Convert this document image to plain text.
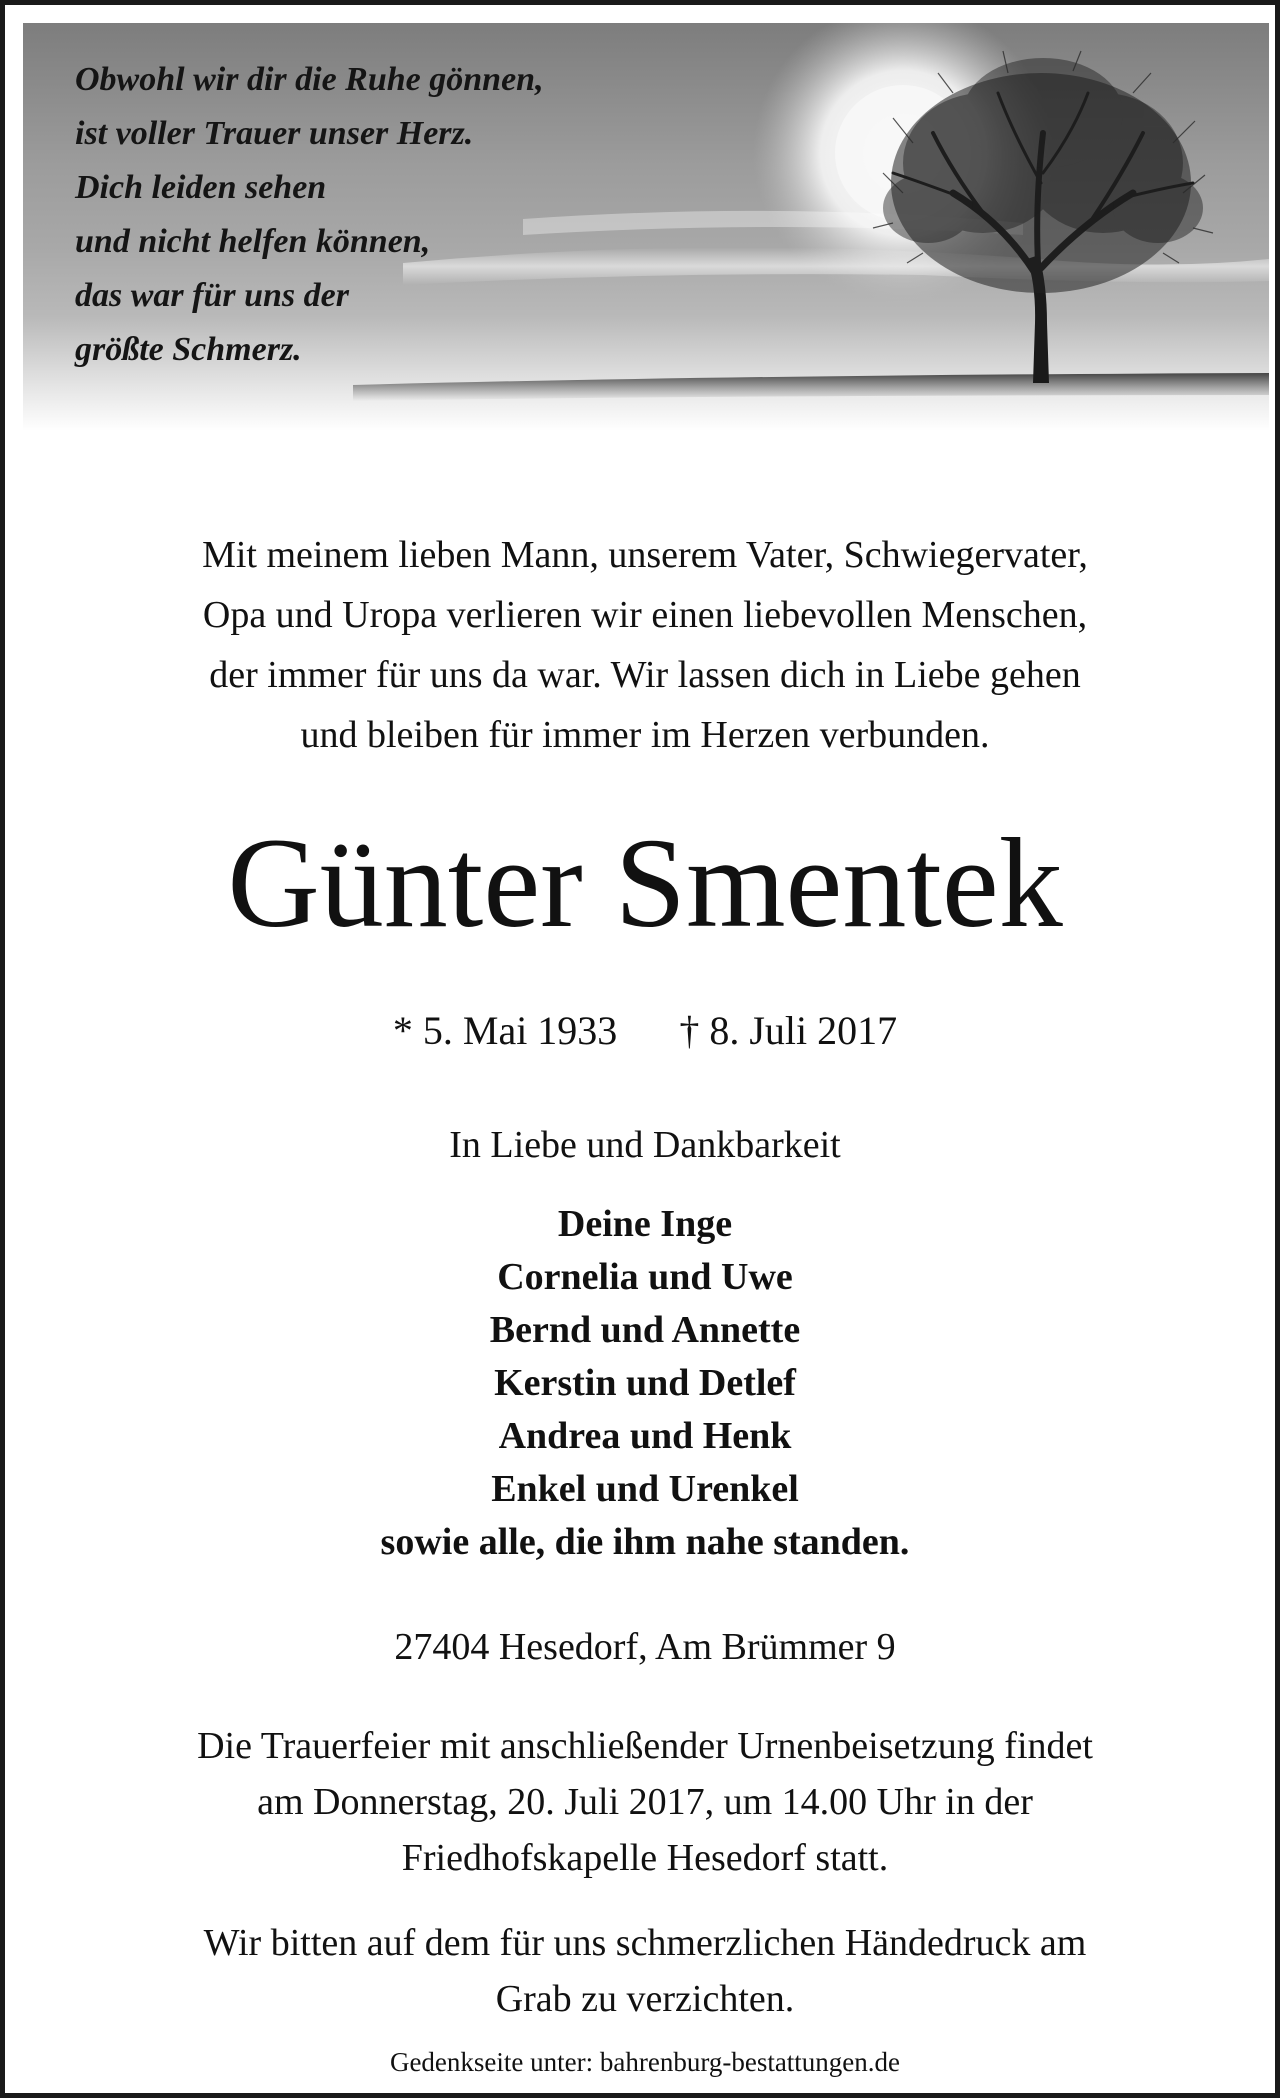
Obwohl wir dir die Ruhe gönnen,
ist voller Trauer unser Herz.
Dich leiden sehen
und nicht helfen können,
das war für uns der
größte Schmerz.
Mit meinem lieben Mann, unserem Vater, Schwiegervater,
Opa und Uropa verlieren wir einen liebevollen Menschen,
der immer für uns da war. Wir lassen dich in Liebe gehen
und bleiben für immer im Herzen verbunden.
Günter Smentek
* 5. Mai 1933 † 8. Juli 2017
In Liebe und Dankbarkeit
Deine Inge
Cornelia und Uwe
Bernd und Annette
Kerstin und Detlef
Andrea und Henk
Enkel und Urenkel
sowie alle, die ihm nahe standen.
27404 Hesedorf, Am Brümmer 9
Die Trauerfeier mit anschließender Urnenbeisetzung findet
am Donnerstag, 20. Juli 2017, um 14.00 Uhr in der
Friedhofskapelle Hesedorf statt.
Wir bitten auf dem für uns schmerzlichen Händedruck am
Grab zu verzichten.
Gedenkseite unter: bahrenburg-bestattungen.de
